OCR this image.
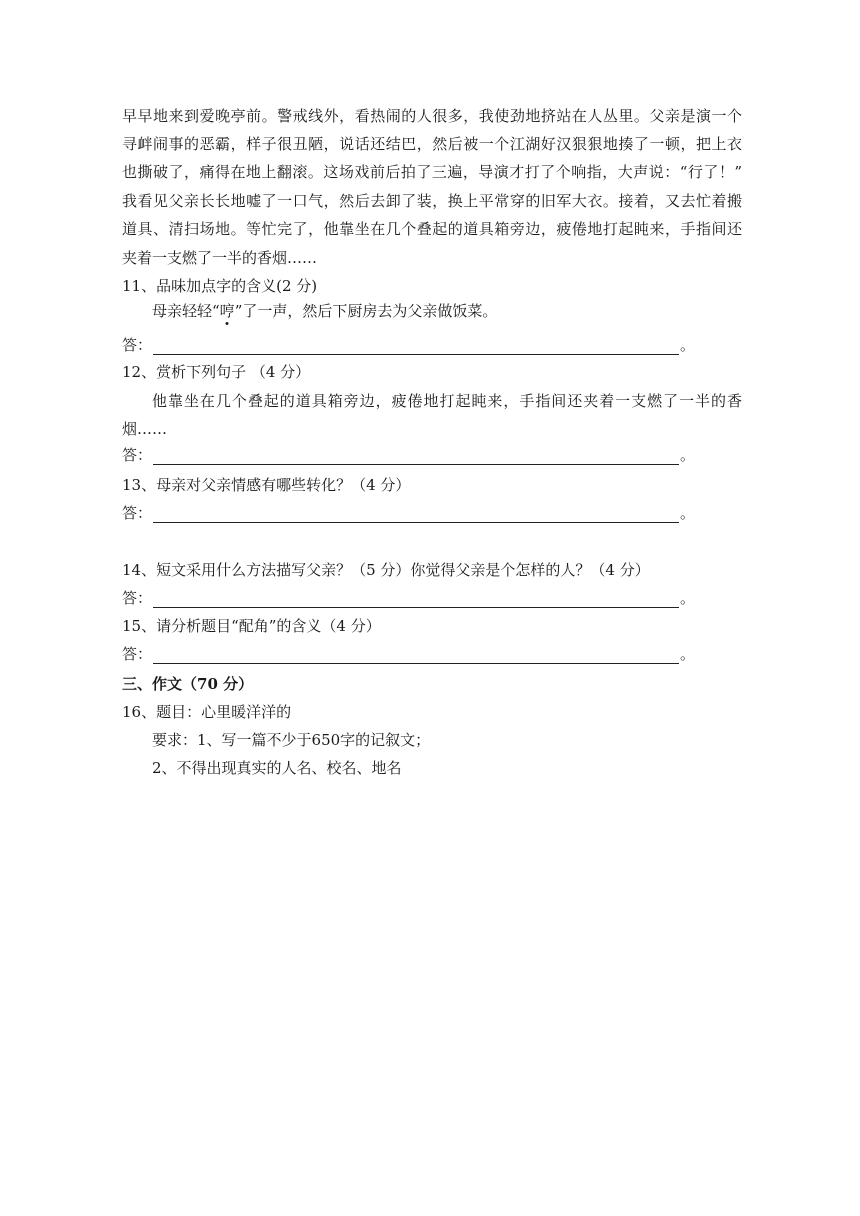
早早地来到爱晚亭前。警戒线外，看热闹的人很多，我使劲地挤站在人丛里。父亲是演一个
寻衅闹事的恶霸，样子很丑陋，说话还结巴，然后被一个江湖好汉狠狠地揍了一顿，把上衣
也撕破了，痛得在地上翻滚。这场戏前后拍了三遍，导演才打了个响指，大声说：“行了！”
我看见父亲长长地嘘了一口气，然后去卸了装，换上平常穿的旧军大衣。接着，又去忙着搬
道具、清扫场地。等忙完了，他靠坐在几个叠起的道具箱旁边，疲倦地打起盹来，手指间还
夹着一支燃了一半的香烟……
11、品味加点字的含义(2 分)
母亲轻轻“哼”了一声，然后下厨房去为父亲做饭菜。
答：	。
12、赏析下列句子 （4 分）
他靠坐在几个叠起的道具箱旁边，疲倦地打起盹来，手指间还夹着一支燃了一半的香
烟……
答：	。
13、母亲对父亲情感有哪些转化？（4 分）
答：	。
14、短文采用什么方法描写父亲？（5 分）你觉得父亲是个怎样的人？（4 分）
答：	。
15、请分析题目“配角”的含义（4 分）
答：	。
三、作文（70 分）
16、题目：心里暖洋洋的
要求：1、写一篇不少于650字的记叙文；
2、不得出现真实的人名、校名、地名
